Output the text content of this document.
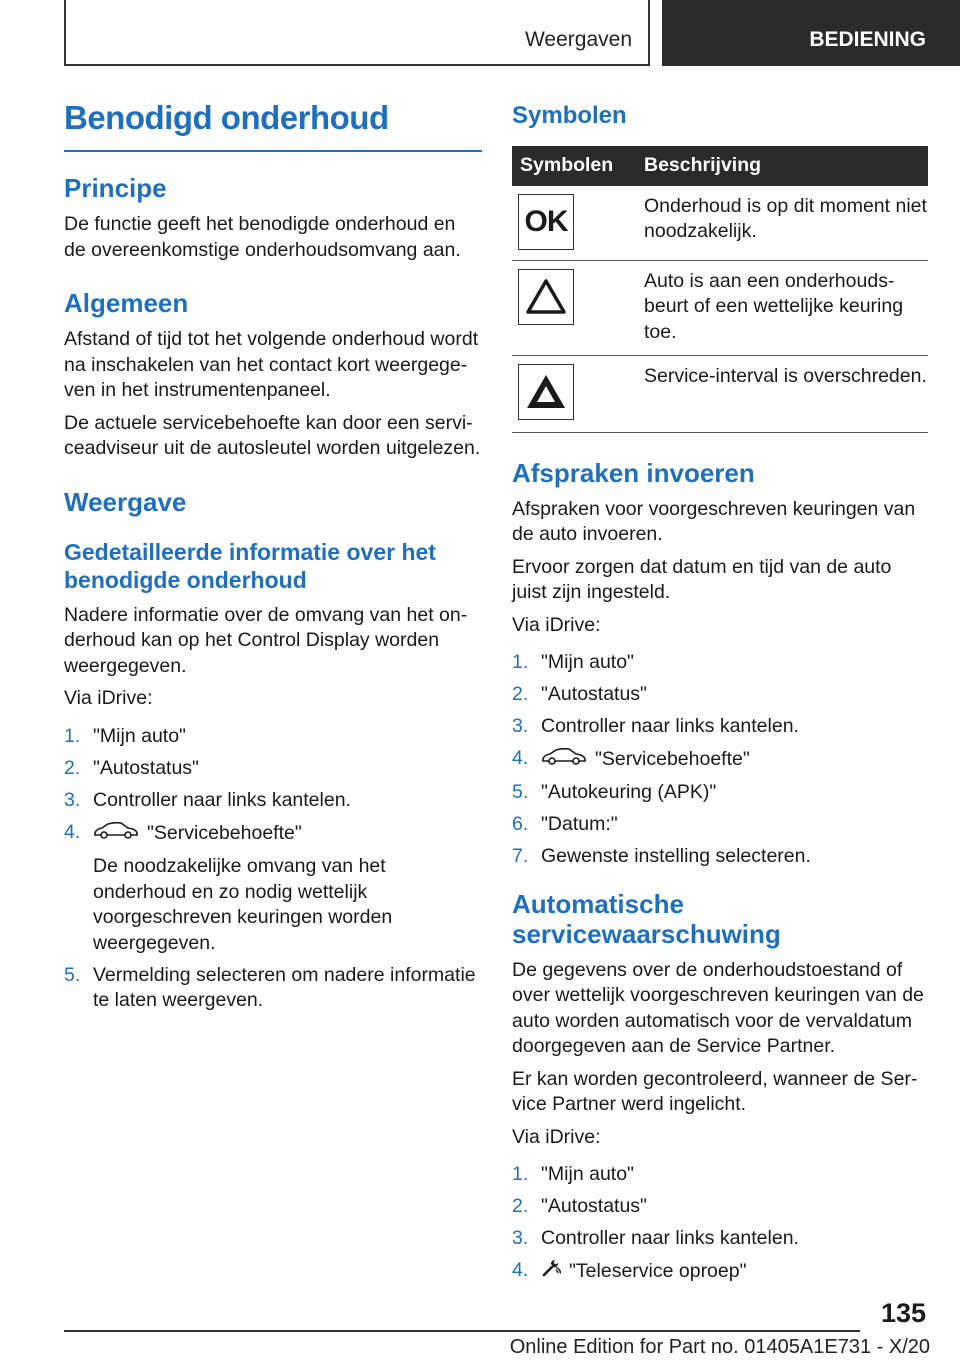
Weergaven	BEDIENING
Benodigd onderhoud
Principe

De functie geeft het benodigde onderhoud en de overeenkomstige onderhoudsomvang aan.

Algemeen

Afstand of tijd tot het volgende onderhoud wordt na inschakelen van het contact kort weergegeven in het instrumentenpaneel.

De actuele servicebehoefte kan door een serviceadviseur uit de autosleutel worden uitgelezen.

Weergave
Gedetailleerde informatie over het benodigde onderhoud

Nadere informatie over de omvang van het onderhoud kan op het Control Display worden weergegeven.

Via iDrive:

1. "Mijn auto"
2. "Autostatus"
3. Controller naar links kantelen.
4.	"Servicebehoefte"
De noodzakelijke omvang van het onderhoud en zo nodig wettelijk voorgeschreven keuringen worden weergegeven.
5. Vermelding selecteren om nadere informatie te laten weergeven.
Symbolen
Symbolen	Beschrijving

OK	Onderhoud is op dit moment niet noodzakelijk.

	Auto is aan een onderhoudsbeurt of een wettelijke keuring toe.

	Service-interval is overschreden.
Afspraken invoeren

Afspraken voor voorgeschreven keuringen van de auto invoeren.

Ervoor zorgen dat datum en tijd van de auto juist zijn ingesteld.

Via iDrive:

1. "Mijn auto"
2. "Autostatus"
3. Controller naar links kantelen.
4.	"Servicebehoefte"
5. "Autokeuring (APK)"
6. "Datum:"
7. Gewenste instelling selecteren.
Automatische servicewaarschuwing

De gegevens over de onderhoudstoestand of over wettelijk voorgeschreven keuringen van de auto worden automatisch voor de vervaldatum doorgegeven aan de Service Partner.

Er kan worden gecontroleerd, wanneer de Service Partner werd ingelicht.

Via iDrive:

1. "Mijn auto"
2. "Autostatus"
3. Controller naar links kantelen.
4.	"Teleservice oproep"
135
Online Edition for Part no. 01405A1E731 - X/20
